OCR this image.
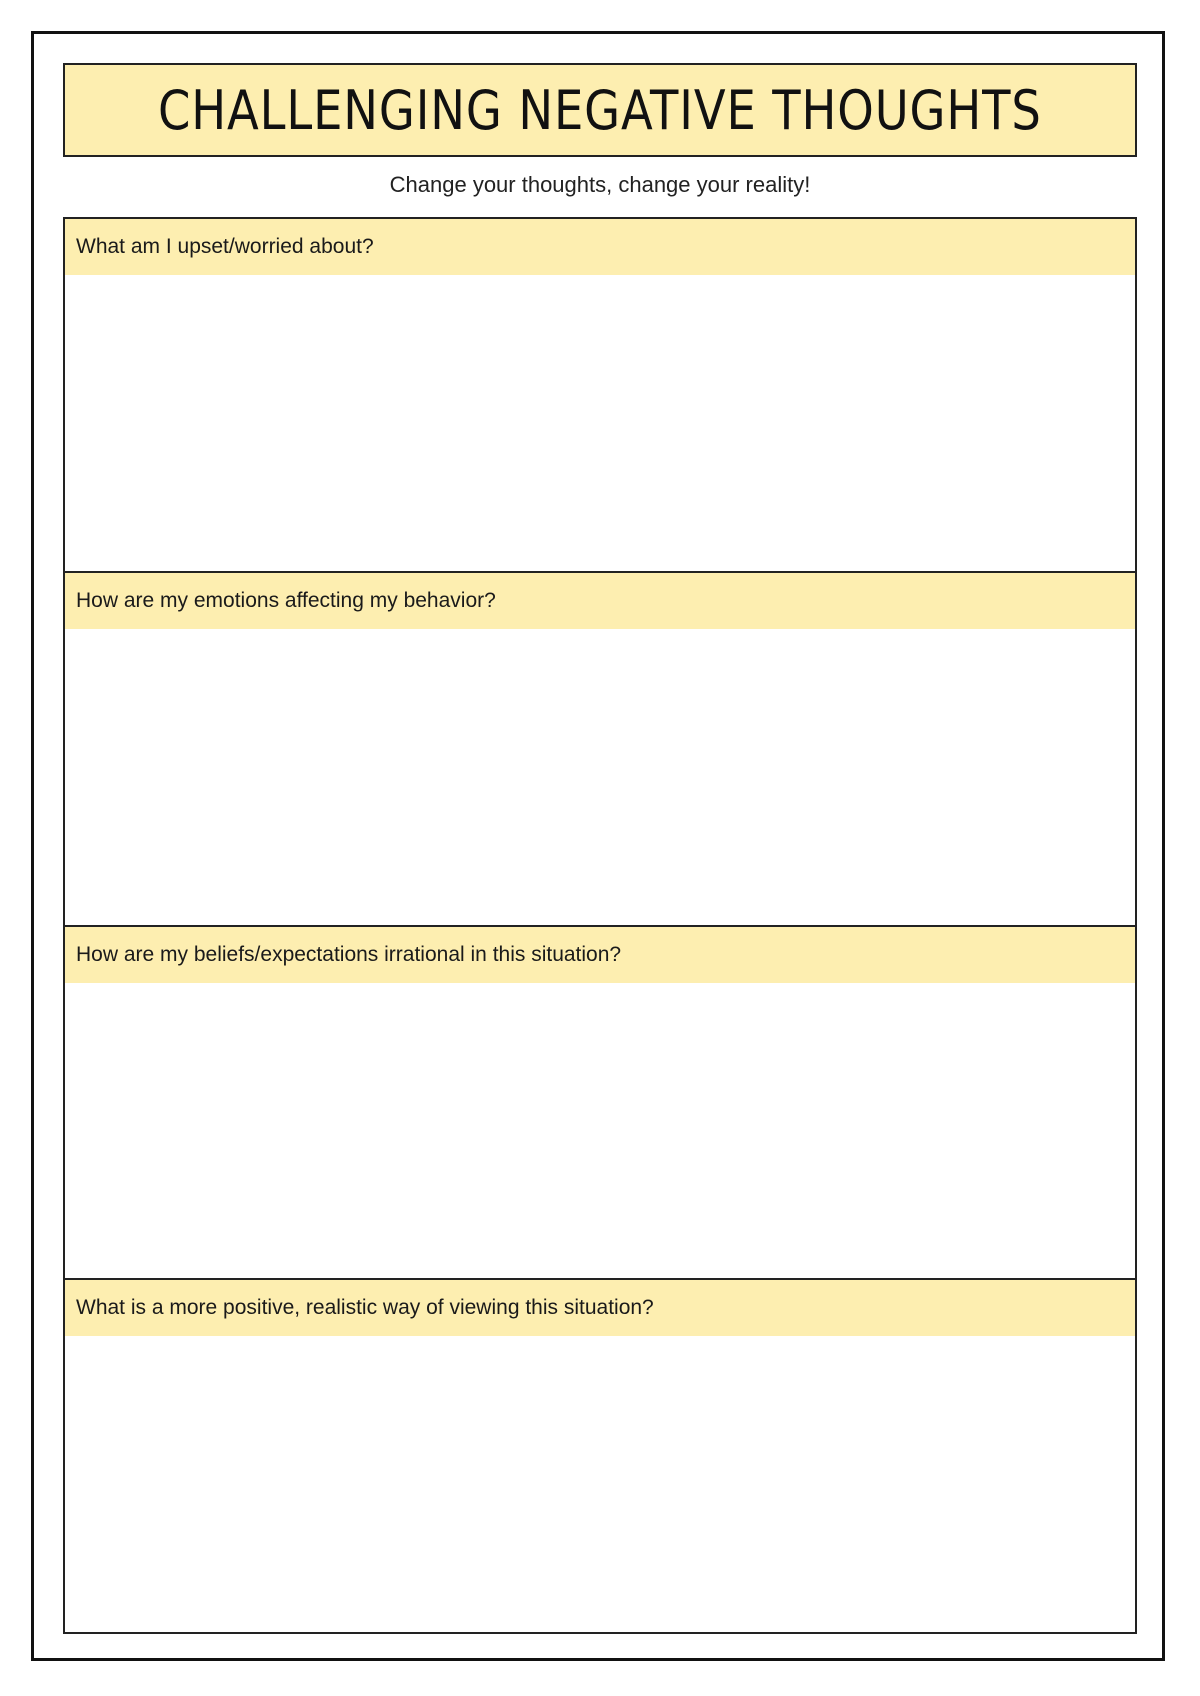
CHALLENGING NEGATIVE THOUGHTS
Change your thoughts, change your reality!
What am I upset/worried about?
How are my emotions affecting my behavior?
How are my beliefs/expectations irrational in this situation?
What is a more positive, realistic way of viewing this situation?
